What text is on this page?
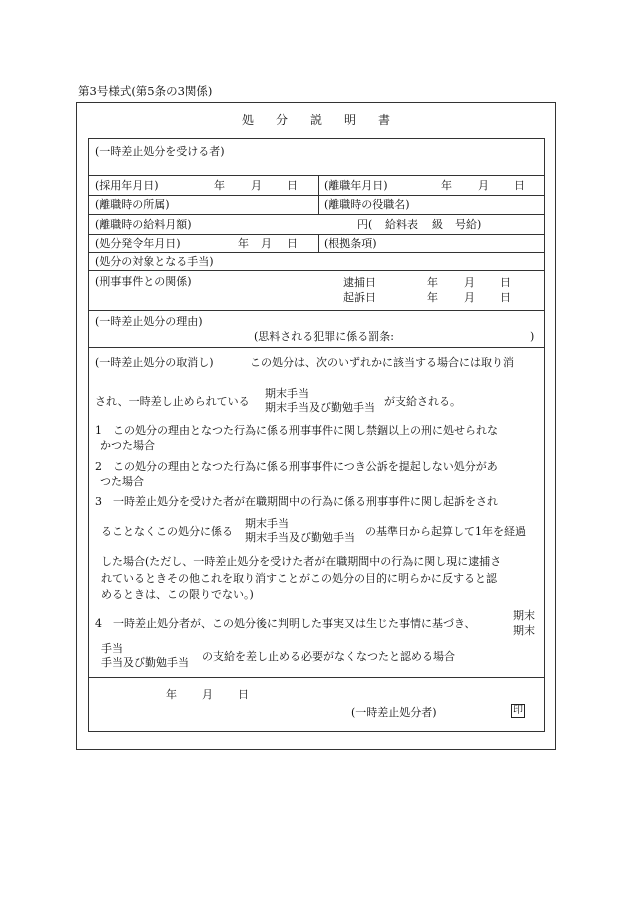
第3号様式(第5条の3関係)
処分説明書
(一時差止処分を受ける者)
(採用年月日)	年 月 日 (離職年月日)	年 月 日
(離職時の所属)	(離職時の役職名)
(離職時の給料月額)	円( 給料表 級 号給)
(処分発令年月日)	年 月 日 (根拠条項)
(処分の対象となる手当)
(刑事事件との関係)	逮捕日	年 月 日
起訴日	年 月 日
(一時差止処分の理由)
(思料される犯罪に係る罰条:	)
(一時差止処分の取消し)	この処分は、次のいずれかに該当する場合には取り消
され、一時差し止められている
期末手当
期末手当及び勤勉手当 が支給される。
1　この処分の理由となつた行為に係る刑事事件に関し禁錮以上の刑に処せられな
かつた場合
2　この処分の理由となつた行為に係る刑事事件につき公訴を提起しない処分があ
つた場合
3　一時差止処分を受けた者が在職期間中の行為に係る刑事事件に関し起訴をされ
ることなくこの処分に係る
期末手当
期末手当及び勤勉手当 の基準日から起算して1年を経過
した場合(ただし、一時差止処分を受けた者が在職期間中の行為に関し現に逮捕さ
れているときその他これを取り消すことがこの処分の目的に明らかに反すると認
めるときは、この限りでない。)
4　一時差止処分者が、この処分後に判明した事実又は生じた事情に基づき、
期末
期末
手当
手当及び勤勉手当 の支給を差し止める必要がなくなつたと認める場合
年 月 日
(一時差止処分者)	印
